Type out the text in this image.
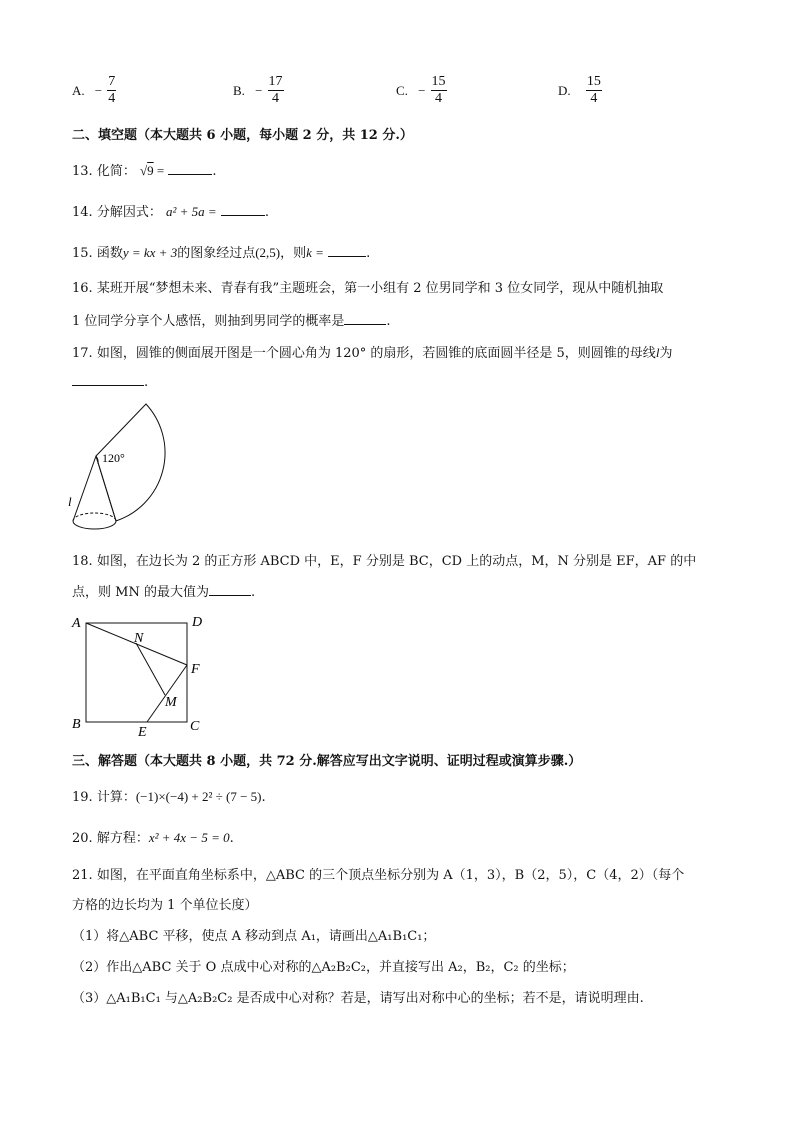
A. − $\frac{7}{4}$	B. − $\frac{17}{4}$	C. − $\frac{15}{4}$	D. $\frac{15}{4}$
二、填空题（本大题共 6 小题，每小题 2 分，共 12 分.）
13. 化简： √9 =	.
14. 分解因式： a² + 5a =	.
15. 函数y = kx + 3的图象经过点(2,5)，则k =	.
16. 某班开展“梦想未来、青春有我”主题班会，第一小组有 2 位男同学和 3 位女同学，现从中随机抽取
1 位同学分享个人感悟，则抽到男同学的概率是	.
17. 如图，圆锥的侧面展开图是一个圆心角为 120° 的扇形，若圆锥的底面圆半径是 5，则圆锥的母线l为
.
120°
l
18. 如图，在边长为 2 的正方形 ABCD 中，E，F 分别是 BC，CD 上的动点，M，N 分别是 EF，AF 的中
点，则 MN 的最大值为	.
A	D
B	C
N
F
M
E
三、解答题（本大题共 8 小题，共 72 分.解答应写出文字说明、证明过程或演算步骤.）
19. 计算：(−1)×(−4) + 2² ÷ (7 − 5).
20. 解方程：x² + 4x − 5 = 0.
21. 如图，在平面直角坐标系中，△ABC 的三个顶点坐标分别为 A（1，3），B（2，5），C（4，2）（每个
方格的边长均为 1 个单位长度）
（1）将△ABC 平移，使点 A 移动到点 A₁，请画出△A₁B₁C₁；
（2）作出△ABC 关于 O 点成中心对称的△A₂B₂C₂，并直接写出 A₂，B₂，C₂ 的坐标；
（3）△A₁B₁C₁ 与△A₂B₂C₂ 是否成中心对称？若是，请写出对称中心的坐标；若不是，请说明理由.
